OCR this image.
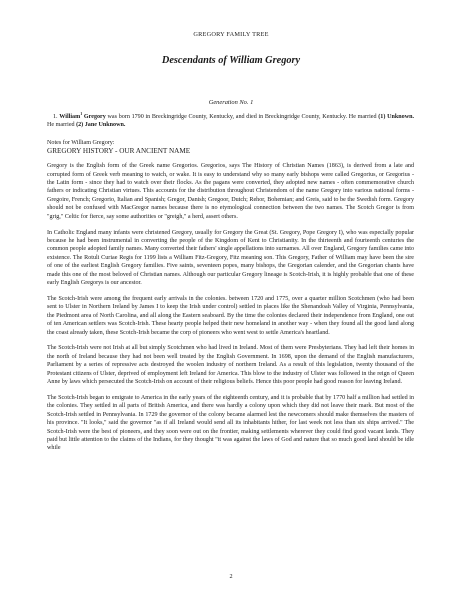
GREGORY FAMILY TREE
Descendants of William Gregory
Generation No. 1

1. William$^1$ Gregory was born 1790 in Breckingridge County, Kentucky, and died in Breckingridge County, Kentucky. He married (1) Unknown. He married (2) Jane Unknown.

Notes for William Gregory:

GREGORY HISTORY - OUR ANCIENT NAME

Gregory is the English form of the Greek name Gregorios. Gregorios, says The History of Christian Names (1863), is derived from a late and corrupted form of Greek verb meaning to watch, or wake. It is easy to understand why so many early bishops were called Gregorius, or Gregorius - the Latin form - since they had to watch over their flocks. As the pagans were converted, they adopted new names - often commemorative church fathers or indicating Christian virtues. This accounts for the distribution throughout Christendom of the name Gregory into various national forms - Gregoire, French; Gregorio, Italian and Spanish; Gregor, Danish; Gregoor, Dutch; Rehor, Bohemian; and Greis, said to be the Swedish form. Gregory should not be confused with MacGregor names because there is no etymological connection between the two names. The Scotch Gregor is from "grig," Celtic for fierce, say some authorities or "greigh," a herd, assert others.

In Catholic England many infants were christened Gregory, usually for Gregory the Great (St. Gregory, Pope Gregory I), who was especially popular because he had been instrumental in converting the people of the Kingdom of Kent to Christianity. In the thirteenth and fourteenth centuries the common people adopted family names. Many converted their fathers' single appellations into surnames. All over England, Gregory families came into existence. The Rotuli Curiae Regis for 1199 lists a William Fitz-Gregory, Fitz meaning son. This Gregory, Father of William may have been the sire of one of the earliest English Gregory families. Five saints, seventeen popes, many bishops, the Gregorian calender, and the Gregorian chants have made this one of the most beloved of Christian names. Although our particular Gregory lineage is Scotch-Irish, it is highly probable that one of these early English Gregorys is our ancestor.

The Scotch-Irish were among the frequent early arrivals in the colonies. between 1720 and 1775, over a quarter million Scotchmen (who had been sent to Ulster in Northern Ireland by James I to keep the Irish under control) settled in places like the Shenandoah Valley of Virginia, Pennsylvania, the Piedmont area of North Carolina, and all along the Eastern seaboard. By the time the colonies declared their independence from England, one out of ten American settlers was Scotch-Irish. These hearty people helped their new homeland in another way - when they found all the good land along the coast already taken, these Scotch-Irish became the corp of pioneers who went west to settle America's heartland.

The Scotch-Irish were not Irish at all but simply Scotchmen who had lived in Ireland. Most of them were Presbyterians. They had left their homes in the north of Ireland because they had not been well treated by the English Government. In 1698, upon the demand of the English manufacturers, Parliament by a series of repressive acts destroyed the woolen industry of northern Ireland. As a result of this legislation, twenty thousand of the Protestant citizens of Ulster, deprived of employment left Ireland for America. This blow to the industry of Ulster was followed in the reign of Queen Anne by laws which persecuted the Scotch-Irish on account of their religious beliefs. Hence this poor people had good reason for leaving Ireland.

The Scotch-Irish began to emigrate to America in the early years of the eighteenth century, and it is probable that by 1770 half a million had settled in the colonies. They settled in all parts of British America, and there was hardly a colony upon which they did not leave their mark. But most of the Scotch-Irish settled in Pennsylvania. In 1729 the governor of the colony became alarmed lest the newcomers should make themselves the masters of his province. "It looks," said the governor "as if all Ireland would send all its inhabitants hither, for last week not less than six ships arrived." The Scotch-Irish were the best of pioneers, and they soon were out on the frontier, making settlements wherever they could find good vacant lands. They paid but little attention to the claims of the Indians, for they thought "it was against the laws of God and nature that so much good land should be idle while

2
